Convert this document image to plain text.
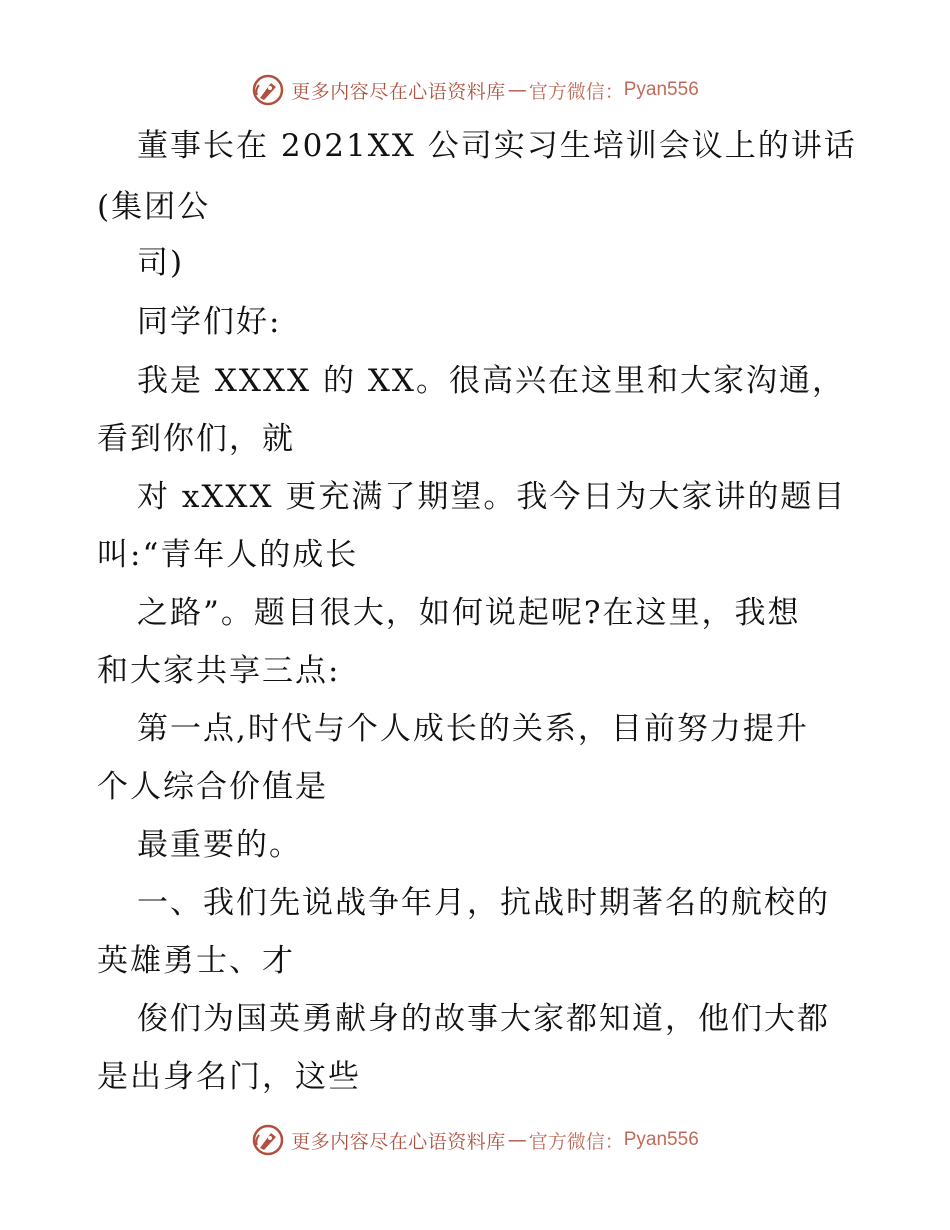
更多内容尽在心语资料库 — 官方微信： Pyan556
董事长在 2021XX 公司实习生培训会议上的讲话
(集团公
司)
同学们好:
我是 XXXX 的 XX。很高兴在这里和大家沟通，
看到你们，就
对 xXXX 更充满了期望。我今日为大家讲的题目
叫:“青年人的成长
之路”。题目很大，如何说起呢?在这里，我想
和大家共享三点:
第一点,时代与个人成长的关系，目前努力提升
个人综合价值是
最重要的。
一、我们先说战争年月，抗战时期著名的航校的
英雄勇士、才
俊们为国英勇献身的故事大家都知道，他们大都
是出身名门，这些
更多内容尽在心语资料库 — 官方微信： Pyan556
